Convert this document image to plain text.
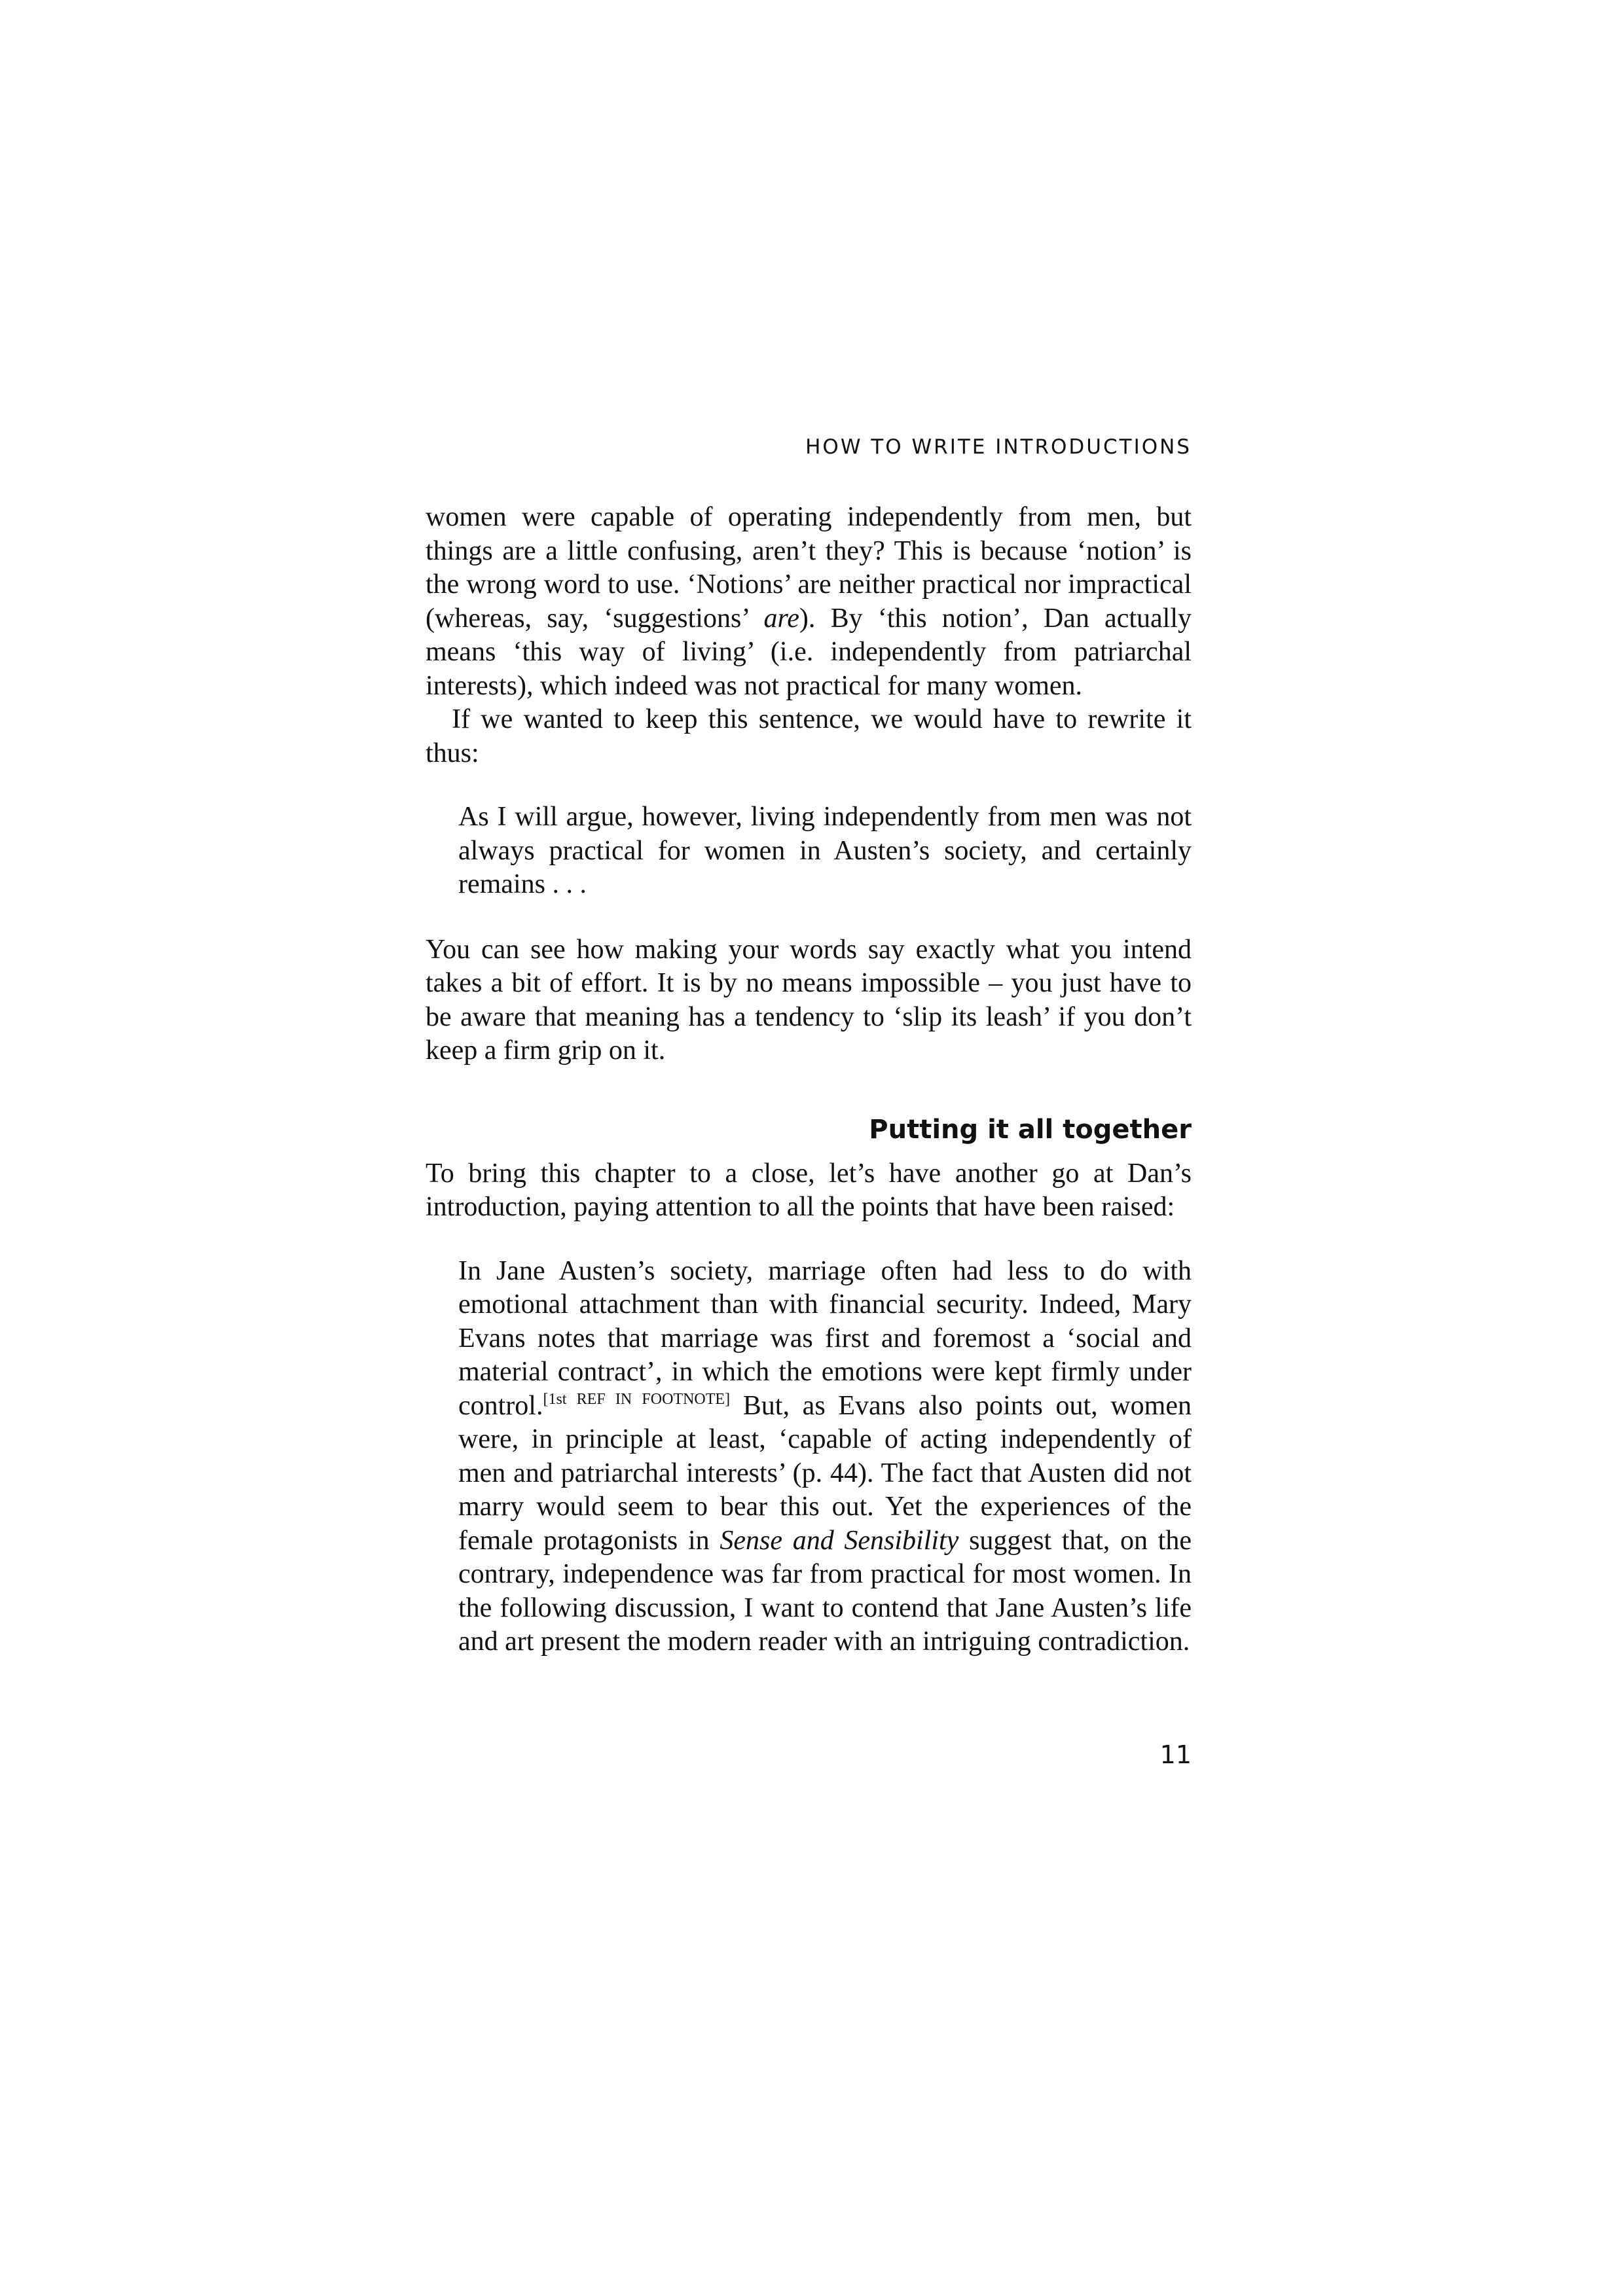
HOW TO WRITE INTRODUCTIONS

women were capable of operating independently from men, but things are a little confusing, aren’t they? This is because ‘notion’ is the wrong word to use. ‘Notions’ are neither practical nor impractical (whereas, say, ‘suggestions’ are). By ‘this notion’, Dan actually means ‘this way of living’ (i.e. independently from patriarchal interests), which indeed was not practical for many women.

If we wanted to keep this sentence, we would have to rewrite it thus:

As I will argue, however, living independently from men was not always practical for women in Austen’s society, and certainly remains . . .

You can see how making your words say exactly what you intend takes a bit of effort. It is by no means impossible – you just have to be aware that meaning has a tendency to ‘slip its leash’ if you don’t keep a firm grip on it.

Putting it all together

To bring this chapter to a close, let’s have another go at Dan’s introduction, paying attention to all the points that have been raised:

In Jane Austen’s society, marriage often had less to do with emotional attachment than with financial security. Indeed, Mary Evans notes that marriage was first and foremost a ‘social and material contract’, in which the emotions were kept firmly under control.[1st REF IN FOOTNOTE] But, as Evans also points out, women were, in principle at least, ‘capable of acting independently of men and patriarchal interests’ (p. 44). The fact that Austen did not marry would seem to bear this out. Yet the experiences of the female protagonists in Sense and Sensibility suggest that, on the contrary, independence was far from practical for most women. In the following discussion, I want to contend that Jane Austen’s life and art present the modern reader with an intriguing contradiction.

11
